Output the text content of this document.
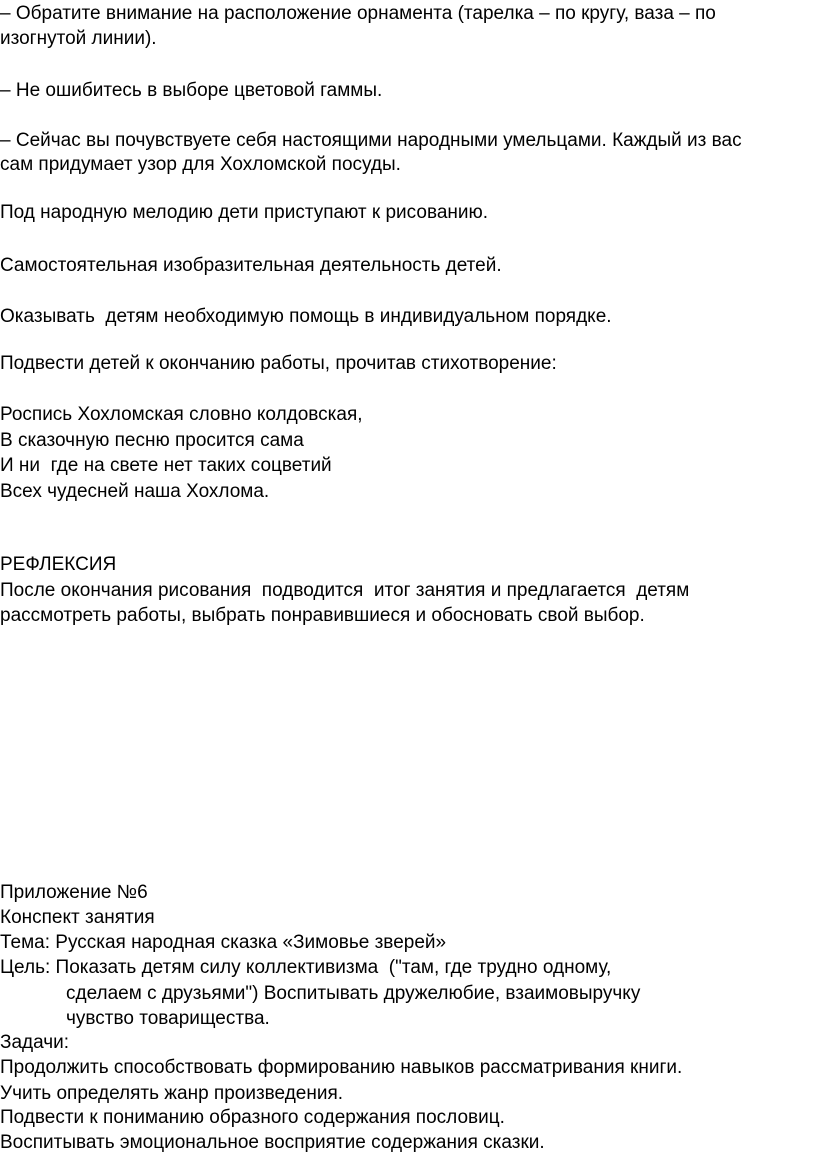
– Обратите внимание на расположение орнамента (тарелка – по кругу, ваза – по
изогнутой линии).
– Не ошибитесь в выборе цветовой гаммы.
– Сейчас вы почувствуете себя настоящими народными умельцами. Каждый из вас
сам придумает узор для Хохломской посуды.
Под народную мелодию дети приступают к рисованию.
Самостоятельная изобразительная деятельность детей.
Оказывать  детям необходимую помощь в индивидуальном порядке.
Подвести детей к окончанию работы, прочитав стихотворение:
Роспись Хохломская словно колдовская,
В сказочную песню просится сама
И ни  где на свете нет таких соцветий
Всех чудесней наша Хохлома.
РЕФЛЕКСИЯ
После окончания рисования  подводится  итог занятия и предлагается  детям
рассмотреть работы, выбрать понравившиеся и обосновать свой выбор.
Приложение №6
Конспект занятия
Тема: Русская народная сказка «Зимовье зверей»
Цель: Показать детям силу коллективизма  ("там, где трудно одному,
сделаем с друзьями") Воспитывать дружелюбие, взаимовыручку
чувство товарищества.
Задачи:
Продолжить способствовать формированию навыков рассматривания книги.
Учить определять жанр произведения.
Подвести к пониманию образного содержания пословиц.
Воспитывать эмоциональное восприятие содержания сказки.
